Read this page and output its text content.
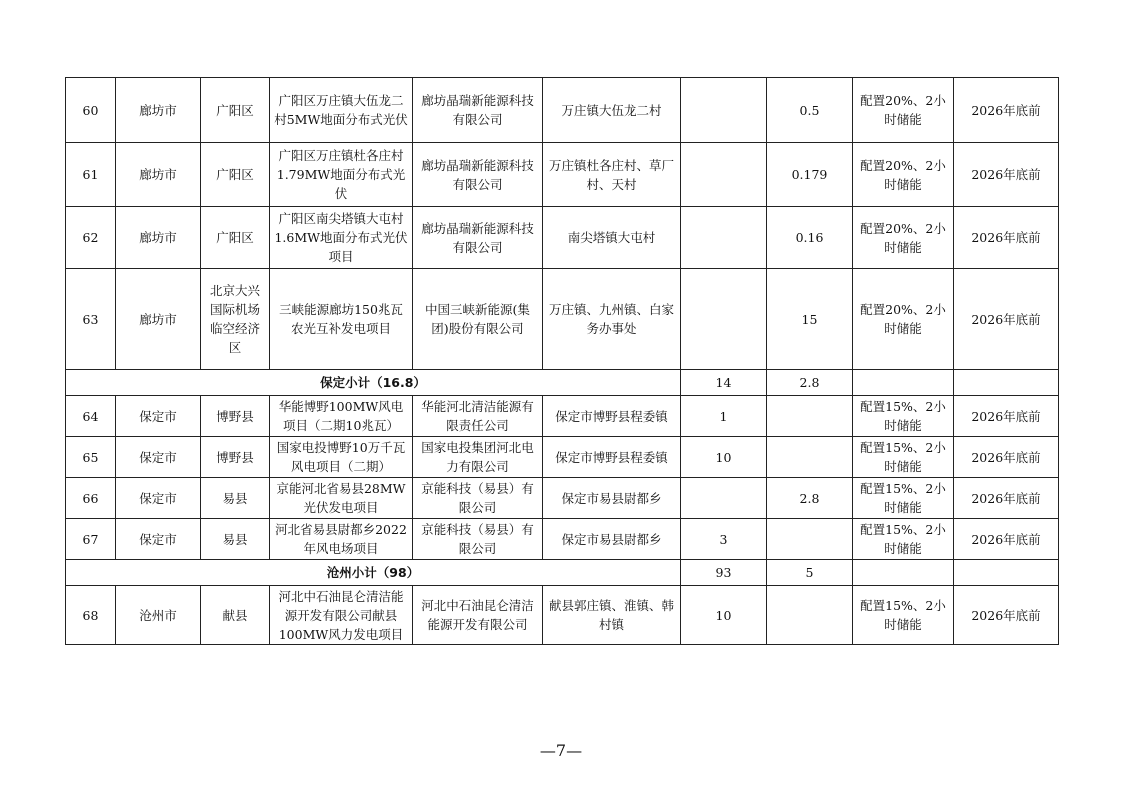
60	廊坊市	广阳区	广阳区万庄镇大伍龙二村5MW地面分布式光伏	廊坊晶瑞新能源科技有限公司	万庄镇大伍龙二村		0.5	配置20%、2小时储能	2026年底前
61	廊坊市	广阳区	广阳区万庄镇杜各庄村1.79MW地面分布式光伏	廊坊晶瑞新能源科技有限公司	万庄镇杜各庄村、草厂村、天村		0.179	配置20%、2小时储能	2026年底前
62	廊坊市	广阳区	广阳区南尖塔镇大屯村1.6MW地面分布式光伏项目	廊坊晶瑞新能源科技有限公司	南尖塔镇大屯村		0.16	配置20%、2小时储能	2026年底前
63	廊坊市	北京大兴国际机场临空经济区	三峡能源廊坊150兆瓦农光互补发电项目	中国三峡新能源(集团)股份有限公司	万庄镇、九州镇、白家务办事处		15	配置20%、2小时储能	2026年底前
保定小计（16.8）						14	2.8		
64	保定市	博野县	华能博野100MW风电项目（二期10兆瓦）	华能河北清洁能源有限责任公司	保定市博野县程委镇	1		配置15%、2小时储能	2026年底前
65	保定市	博野县	国家电投博野10万千瓦风电项目（二期）	国家电投集团河北电力有限公司	保定市博野县程委镇	10		配置15%、2小时储能	2026年底前
66	保定市	易县	京能河北省易县28MW光伏发电项目	京能科技（易县）有限公司	保定市易县尉都乡		2.8	配置15%、2小时储能	2026年底前
67	保定市	易县	河北省易县尉都乡2022年风电场项目	京能科技（易县）有限公司	保定市易县尉都乡	3		配置15%、2小时储能	2026年底前
沧州小计（98）						93	5		
68	沧州市	献县	河北中石油昆仑清洁能源开发有限公司献县100MW风力发电项目	河北中石油昆仑清洁能源开发有限公司	献县郭庄镇、淮镇、韩村镇	10		配置15%、2小时储能	2026年底前
—7—
